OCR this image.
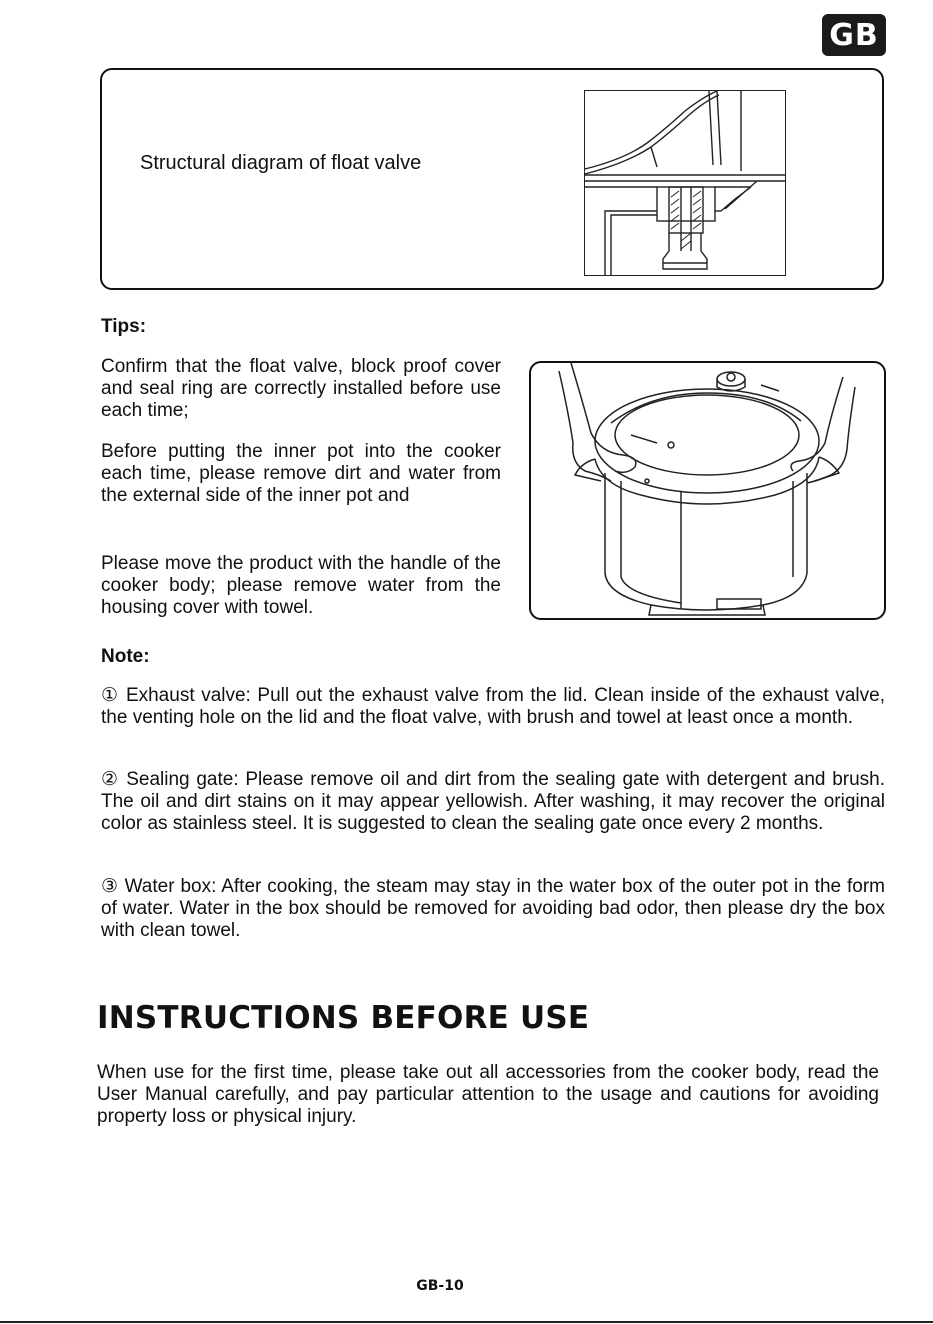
GB
Structural diagram of float valve
Tips:

Confirm that the float valve, block proof cover and seal ring are correctly installed before use each time;

Before putting the inner pot into the cooker each time, please remove dirt and water from the external side of the inner pot and

Please move the product with the handle of the cooker body; please remove water from the housing cover with towel.

Note:

① Exhaust valve: Pull out the exhaust valve from the lid. Clean inside of the exhaust valve, the venting hole on the lid and the float valve, with brush and towel at least once a month.

② Sealing gate: Please remove oil and dirt from the sealing gate with detergent and brush. The oil and dirt stains on it may appear yellowish. After washing, it may recover the original color as stainless steel. It is suggested to clean the sealing gate once every 2 months.

③ Water box: After cooking, the steam may stay in the water box of the outer pot in the form of water. Water in the box should be removed for avoiding bad odor, then please dry the box with clean towel.

INSTRUCTIONS BEFORE USE

When use for the first time, please take out all accessories from the cooker body, read the User Manual carefully, and pay particular attention to the usage and cautions for avoiding property loss or physical injury.

GB-10
